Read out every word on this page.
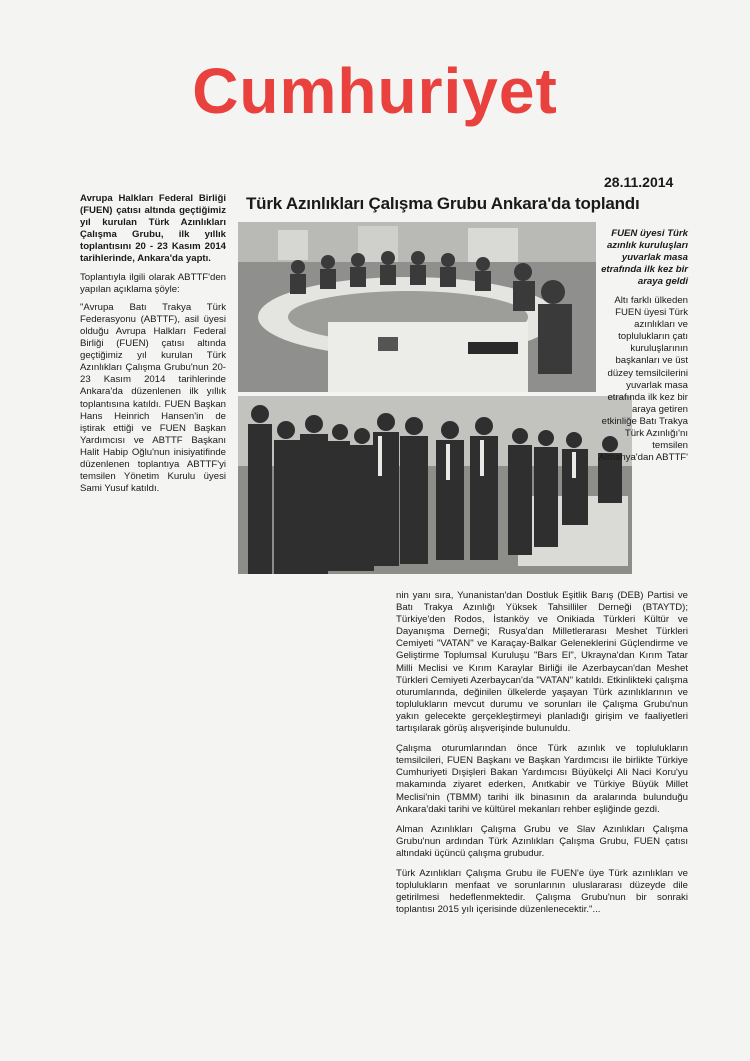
Cumhuriyet
28.11.2014
Türk Azınlıkları Çalışma Grubu Ankara'da toplandı

Avrupa Halkları Federal Birliği (FUEN) çatısı altında geçtiğimiz yıl kurulan Türk Azınlıkları Çalışma Grubu, ilk yıllık toplantısını 20 - 23 Kasım 2014 tarihlerinde, Ankara'da yaptı.

Toplantıyla ilgili olarak ABTTF'den yapılan açıklama şöyle:

"Avrupa Batı Trakya Türk Federasyonu (ABTTF), asil üyesi olduğu Avrupa Halkları Federal Birliği (FUEN) çatısı altında geçtiğimiz yıl kurulan Türk Azınlıkları Çalışma Grubu'nun 20-23 Kasım 2014 tarihlerinde Ankara'da düzenlenen ilk yıllık toplantısına katıldı. FUEN Başkan Hans Heinrich Hansen'in de iştirak ettiği ve FUEN Başkan Yardımcısı ve ABTTF Başkanı Halit Habip Oğlu'nun inisiyatifinde düzenlenen toplantıya ABTTF'yi temsilen Yönetim Kurulu üyesi Sami Yusuf katıldı.

FUEN üyesi Türk azınlık kuruluşları yuvarlak masa etrafında ilk kez bir araya geldi
Altı farklı ülkeden FUEN üyesi Türk azınlıkları ve toplulukların çatı kuruluşlarının başkanları ve üst düzey temsilcilerini yuvarlak masa etrafında ilk kez bir araya getiren etkinliğe Batı Trakya Türk Azınlığı'nı temsilen Almanya'dan ABTTF'

nin yanı sıra, Yunanistan'dan Dostluk Eşitlik Barış (DEB) Partisi ve Batı Trakya Azınlığı Yüksek Tahsilliler Derneği (BTAYTD); Türkiye'den Rodos, İstanköy ve Onikiada Türkleri Kültür ve Dayanışma Derneği; Rusya'dan Milletlerarası Meshet Türkleri Cemiyeti "VATAN" ve Karaçay-Balkar Geleneklerini Güçlendirme ve Geliştirme Toplumsal Kuruluşu "Bars El", Ukrayna'dan Kırım Tatar Milli Meclisi ve Kırım Karaylar Birliği ile Azerbaycan'dan Meshet Türkleri Cemiyeti Azerbaycan'da "VATAN" katıldı. Etkinlikteki çalışma oturumlarında, değinilen ülkelerde yaşayan Türk azınlıklarının ve toplulukların mevcut durumu ve sorunları ile Çalışma Grubu'nun yakın gelecekte gerçekleştirmeyi planladığı girişim ve faaliyetleri tartışılarak görüş alışverişinde bulunuldu.

Çalışma oturumlarından önce Türk azınlık ve toplulukların temsilcileri, FUEN Başkanı ve Başkan Yardımcısı ile birlikte Türkiye Cumhuriyeti Dışişleri Bakan Yardımcısı Büyükelçi Ali Naci Koru'yu makamında ziyaret ederken, Anıtkabir ve Türkiye Büyük Millet Meclisi'nin (TBMM) tarihi ilk binasının da aralarında bulunduğu Ankara'daki tarihi ve kültürel mekanları rehber eşliğinde gezdi.

Alman Azınlıkları Çalışma Grubu ve Slav Azınlıkları Çalışma Grubu'nun ardından Türk Azınlıkları Çalışma Grubu, FUEN çatısı altındaki üçüncü çalışma grubudur.

Türk Azınlıkları Çalışma Grubu ile FUEN'e üye Türk azınlıkları ve toplulukların menfaat ve sorunlarının uluslararası düzeyde dile getirilmesi hedeflenmektedir. Çalışma Grubu'nun bir sonraki toplantısı 2015 yılı içerisinde düzenlenecektir."...
